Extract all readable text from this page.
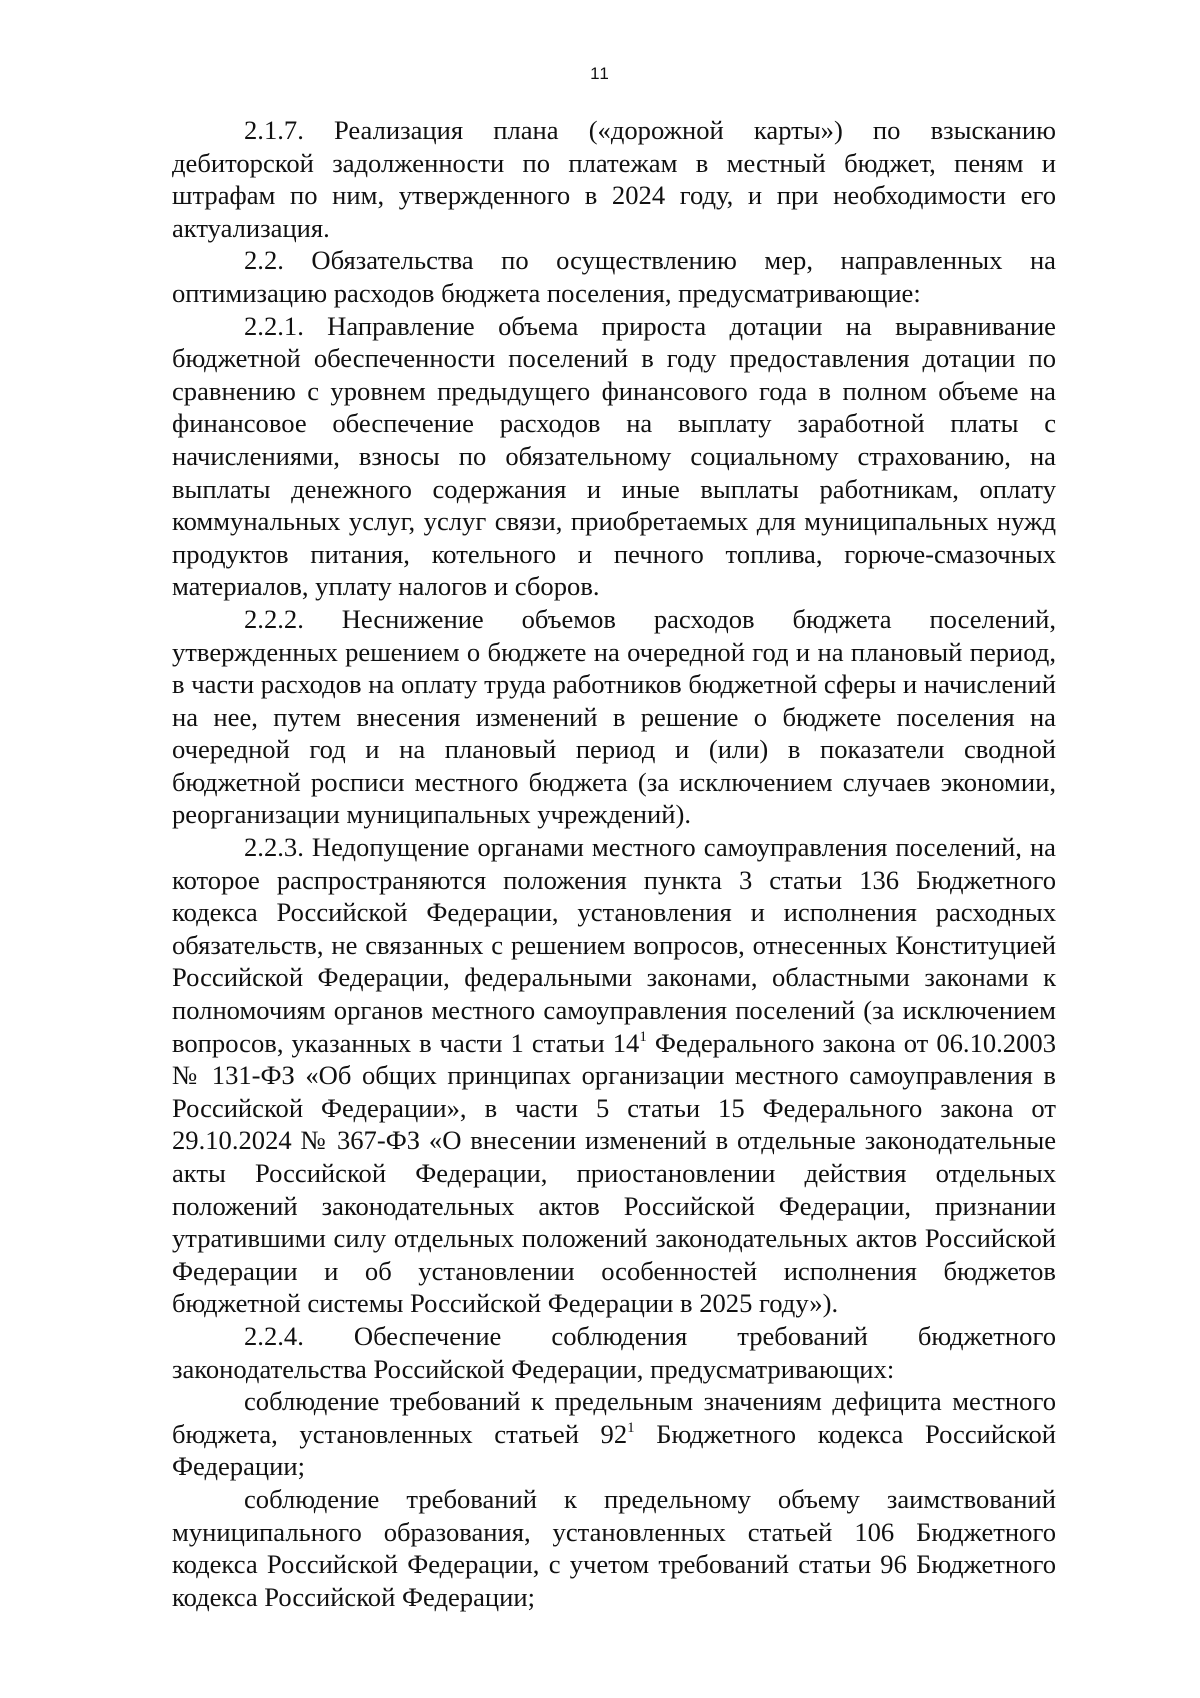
11

2.1.7. Реализация плана («дорожной карты») по взысканию дебиторской задолженности по платежам в местный бюджет, пеням и штрафам по ним, утвержденного в 2024 году, и при необходимости его актуализация.

2.2. Обязательства по осуществлению мер, направленных на оптимизацию расходов бюджета поселения, предусматривающие:

2.2.1. Направление объема прироста дотации на выравнивание бюджетной обеспеченности поселений в году предоставления дотации по сравнению с уровнем предыдущего финансового года в полном объеме на финансовое обеспечение расходов на выплату заработной платы с начислениями, взносы по обязательному социальному страхованию, на выплаты денежного содержания и иные выплаты работникам, оплату коммунальных услуг, услуг связи, приобретаемых для муниципальных нужд продуктов питания, котельного и печного топлива, горюче-смазочных материалов, уплату налогов и сборов.

2.2.2. Неснижение объемов расходов бюджета поселений, утвержденных решением о бюджете на очередной год и на плановый период, в части расходов на оплату труда работников бюджетной сферы и начислений на нее, путем внесения изменений в решение о бюджете поселения на очередной год и на плановый период и (или) в показатели сводной бюджетной росписи местного бюджета (за исключением случаев экономии, реорганизации муниципальных учреждений).

2.2.3. Недопущение органами местного самоуправления поселений, на которое распространяются положения пункта 3 статьи 136 Бюджетного кодекса Российской Федерации, установления и исполнения расходных обязательств, не связанных с решением вопросов, отнесенных Конституцией Российской Федерации, федеральными законами, областными законами к полномочиям органов местного самоуправления поселений (за исключением вопросов, указанных в части 1 статьи $14^1$ Федерального закона от 06.10.2003 № 131-ФЗ «Об общих принципах организации местного самоуправления в Российской Федерации», в части 5 статьи 15 Федерального закона от 29.10.2024 № 367-ФЗ «О внесении изменений в отдельные законодательные акты Российской Федерации, приостановлении действия отдельных положений законодательных актов Российской Федерации, признании утратившими силу отдельных положений законодательных актов Российской Федерации и об установлении особенностей исполнения бюджетов бюджетной системы Российской Федерации в 2025 году»).

2.2.4. Обеспечение соблюдения требований бюджетного законодательства Российской Федерации, предусматривающих:

соблюдение требований к предельным значениям дефицита местного бюджета, установленных статьей $92^1$ Бюджетного кодекса Российской Федерации;

соблюдение требований к предельному объему заимствований муниципального образования, установленных статьей 106 Бюджетного кодекса Российской Федерации, с учетом требований статьи 96 Бюджетного кодекса Российской Федерации;
